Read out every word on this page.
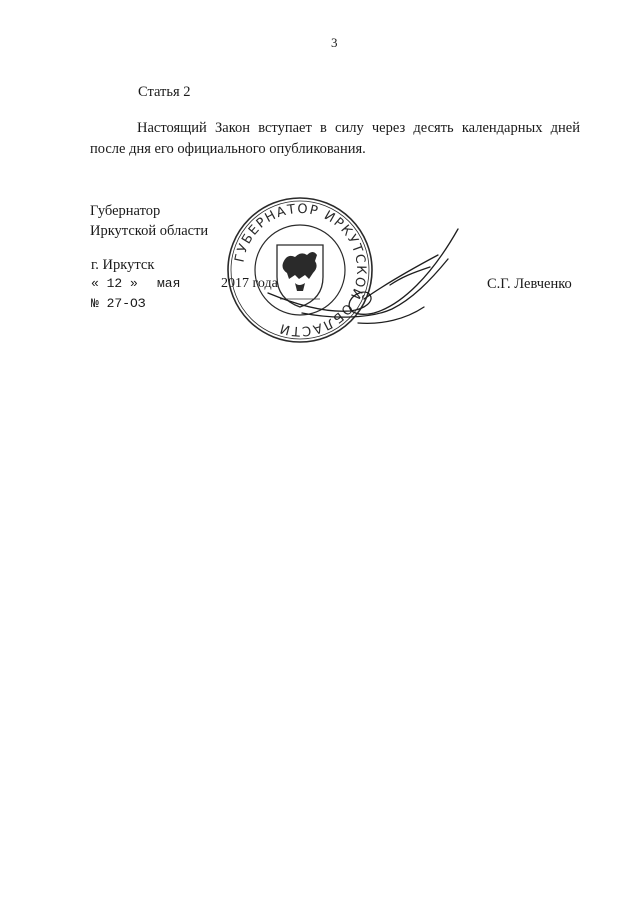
3
Статья 2

Настоящий Закон вступает в силу через десять календарных дней после дня его официального опубликования.

Губернатор
Иркутской области
г. Иркутск
« 12 » мая	2017 года
№ 27-ОЗ
С.Г. Левченко
ГУБЕРНАТОР ИРКУТСКОЙ ОБЛАСТИ
